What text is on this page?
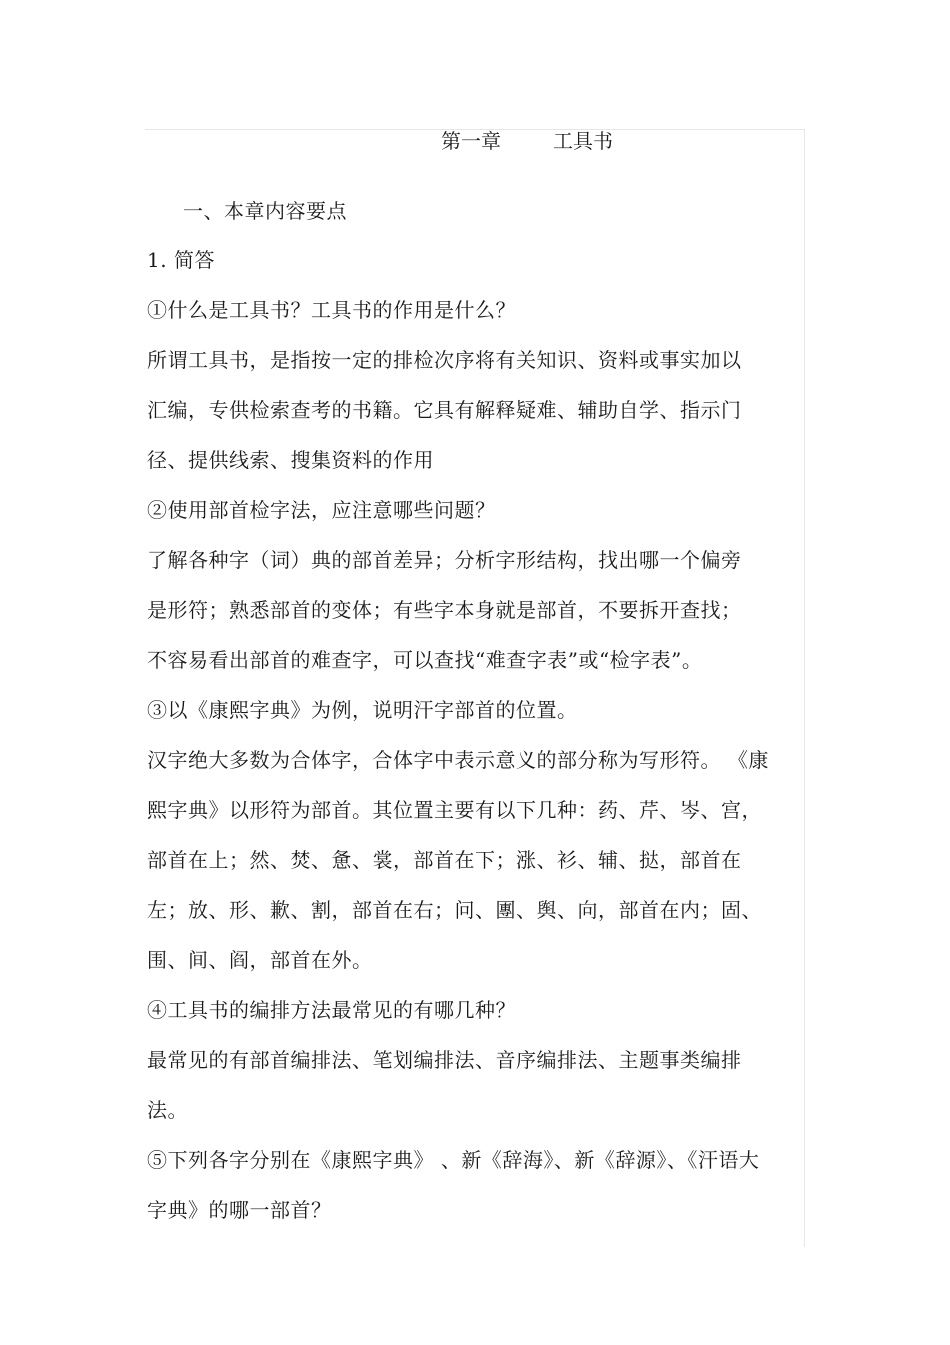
第一章	工具书
一、本章内容要点
1. 简答
①什么是工具书？工具书的作用是什么？
所谓工具书，是指按一定的排检次序将有关知识、资料或事实加以
汇编，专供检索查考的书籍。它具有解释疑难、辅助自学、指示门
径、提供线索、搜集资料的作用
②使用部首检字法，应注意哪些问题？
了解各种字（词）典的部首差异；分析字形结构，找出哪一个偏旁
是形符；熟悉部首的变体；有些字本身就是部首，不要拆开查找；
不容易看出部首的难查字，可以查找“难查字表”或“检字表”。
③以《康熙字典》为例，说明汗字部首的位置。
汉字绝大多数为合体字，合体字中表示意义的部分称为写形符。 《康
熙字典》以形符为部首。其位置主要有以下几种：药、芹、岑、宫，
部首在上；然、焚、惫、裳，部首在下；涨、衫、辅、挞，部首在
左；放、形、歉、割，部首在右；问、團、舆、向，部首在内；固、
围、间、阎，部首在外。
④工具书的编排方法最常见的有哪几种？
最常见的有部首编排法、笔划编排法、音序编排法、主题事类编排
法。
⑤下列各字分别在《康熙字典》 、新《辞海》、新《辞源》、《汗语大
字典》的哪一部首？
